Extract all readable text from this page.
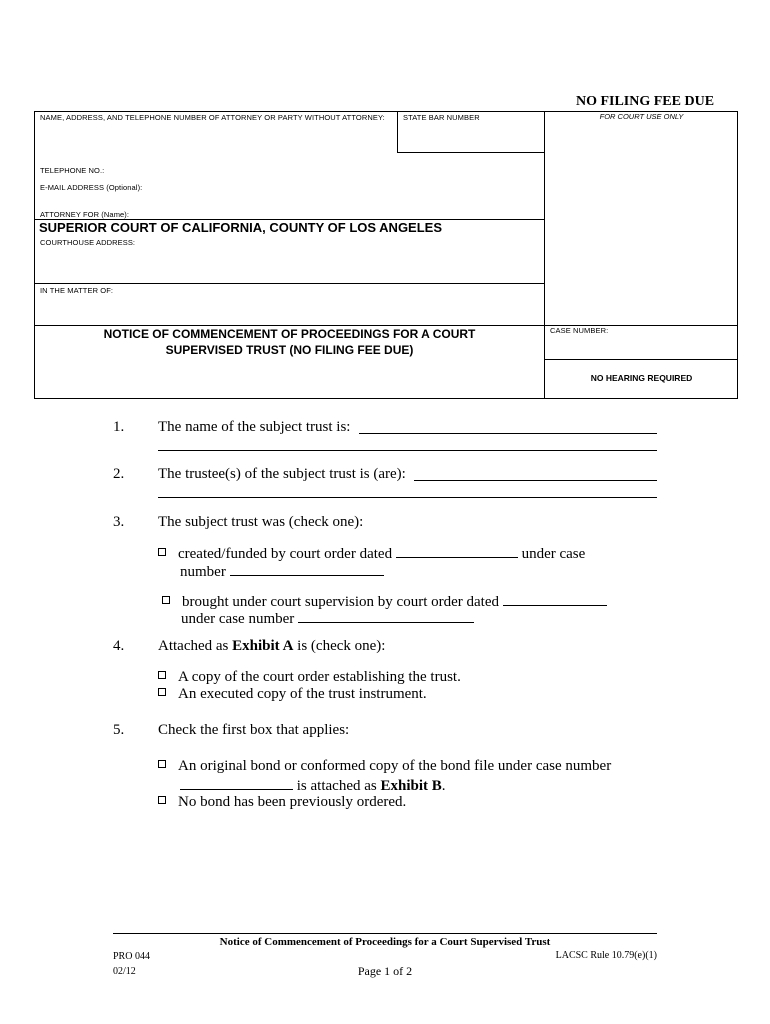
NO FILING FEE DUE
NAME, ADDRESS, AND TELEPHONE NUMBER OF ATTORNEY OR PARTY WITHOUT ATTORNEY: STATE BAR NUMBER	FOR COURT USE ONLY
TELEPHONE NO.:
E-MAIL ADDRESS (Optional):
ATTORNEY FOR (Name):
SUPERIOR COURT OF CALIFORNIA, COUNTY OF LOS ANGELES
COURTHOUSE ADDRESS:
IN THE MATTER OF:
NOTICE OF COMMENCEMENT OF PROCEEDINGS FOR A COURT
SUPERVISED TRUST (NO FILING FEE DUE)
CASE NUMBER:
NO HEARING REQUIRED
1. The name of the subject trust is:
2. The trustee(s) of the subject trust is (are):
3. The subject trust was (check one):
created/funded by court order dated	under case
number
brought under court supervision by court order dated
under case number
4. Attached as Exhibit A is (check one):
A copy of the court order establishing the trust.
An executed copy of the trust instrument.
5. Check the first box that applies:
An original bond or conformed copy of the bond file under case number
is attached as Exhibit B.
No bond has been previously ordered.
Notice of Commencement of Proceedings for a Court Supervised Trust
PRO 044	LACSC Rule 10.79(e)(1)
02/12	Page 1 of 2
